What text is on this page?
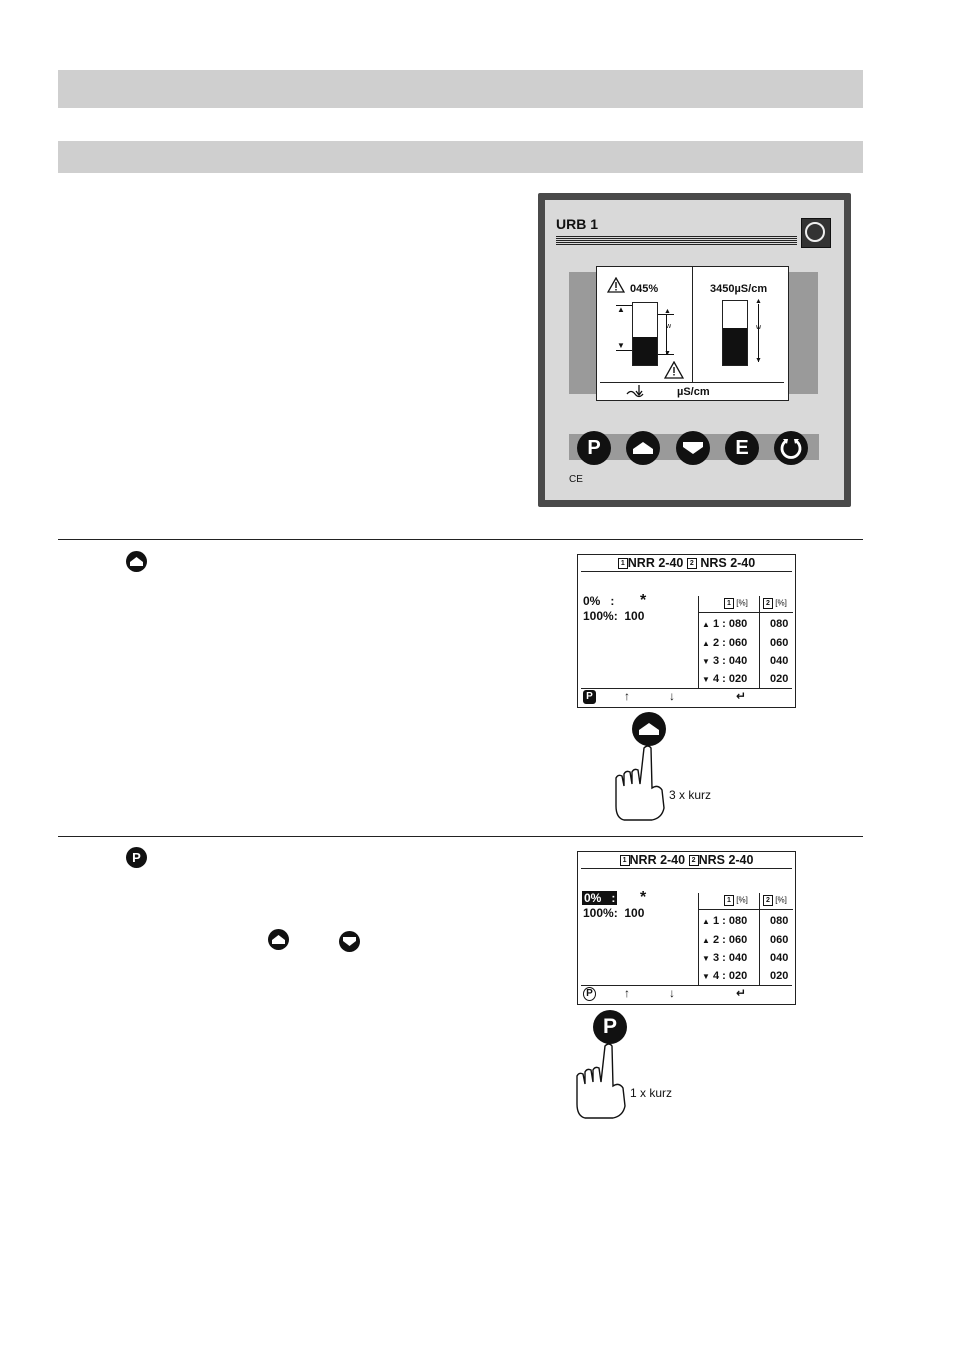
URB 1
045%
▲
▼
▲
▼
w
3450µS/cm
▲
▼
w
µS/cm
P	E
CE
P
1 NRR 2-40 2 NRS 2-40
0%   : *
100%:  100
1 [%]	2 [%]
▲ 1 : 080 080
▲ 2 : 060 060
▼ 3 : 040 040
▼ 4 : 020 020
P	↑	↓	↵
3 x kurz
1 NRR 2-40 2 NRS 2-40
0%   : *
100%:  100
1 [%]	2 [%]
▲ 1 : 080 080
▲ 2 : 060 060
▼ 3 : 040 040
▼ 4 : 020 020
P	↑	↓	↵
P
1 x kurz
